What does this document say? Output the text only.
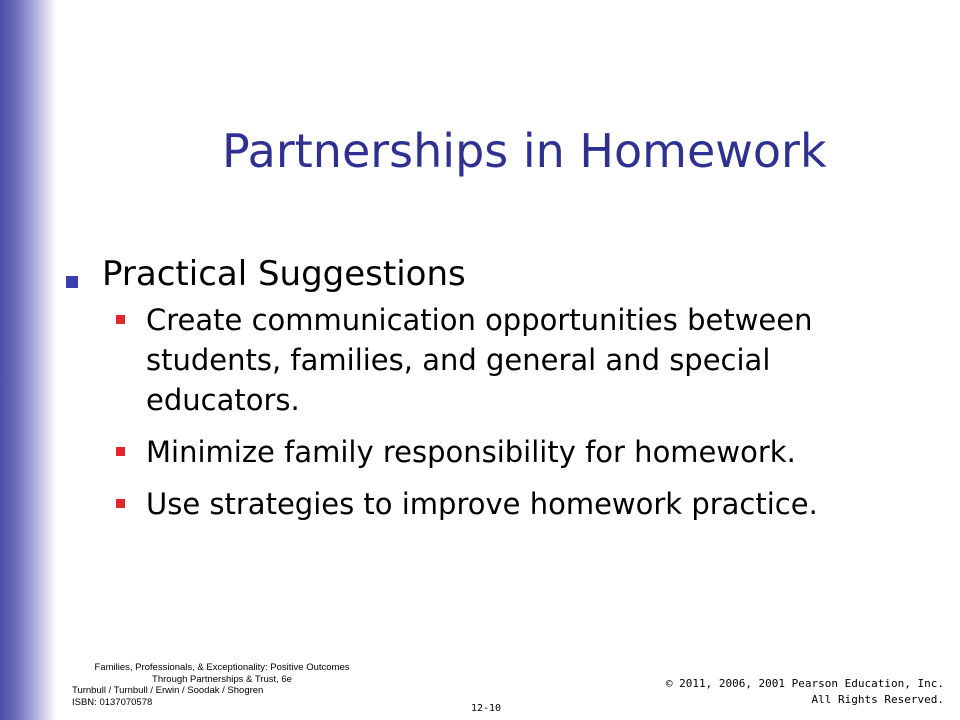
Partnerships in Homework
Practical Suggestions
Create communication opportunities between students, families, and general and special educators.
Minimize family responsibility for homework.
Use strategies to improve homework practice.
Families, Professionals, & Exceptionality: Positive Outcomes
Through Partnerships & Trust, 6e
Turnbull / Turnbull / Erwin / Soodak / Shogren
ISBN: 0137070578
12-10
© 2011, 2006, 2001 Pearson Education, Inc.
All Rights Reserved.
